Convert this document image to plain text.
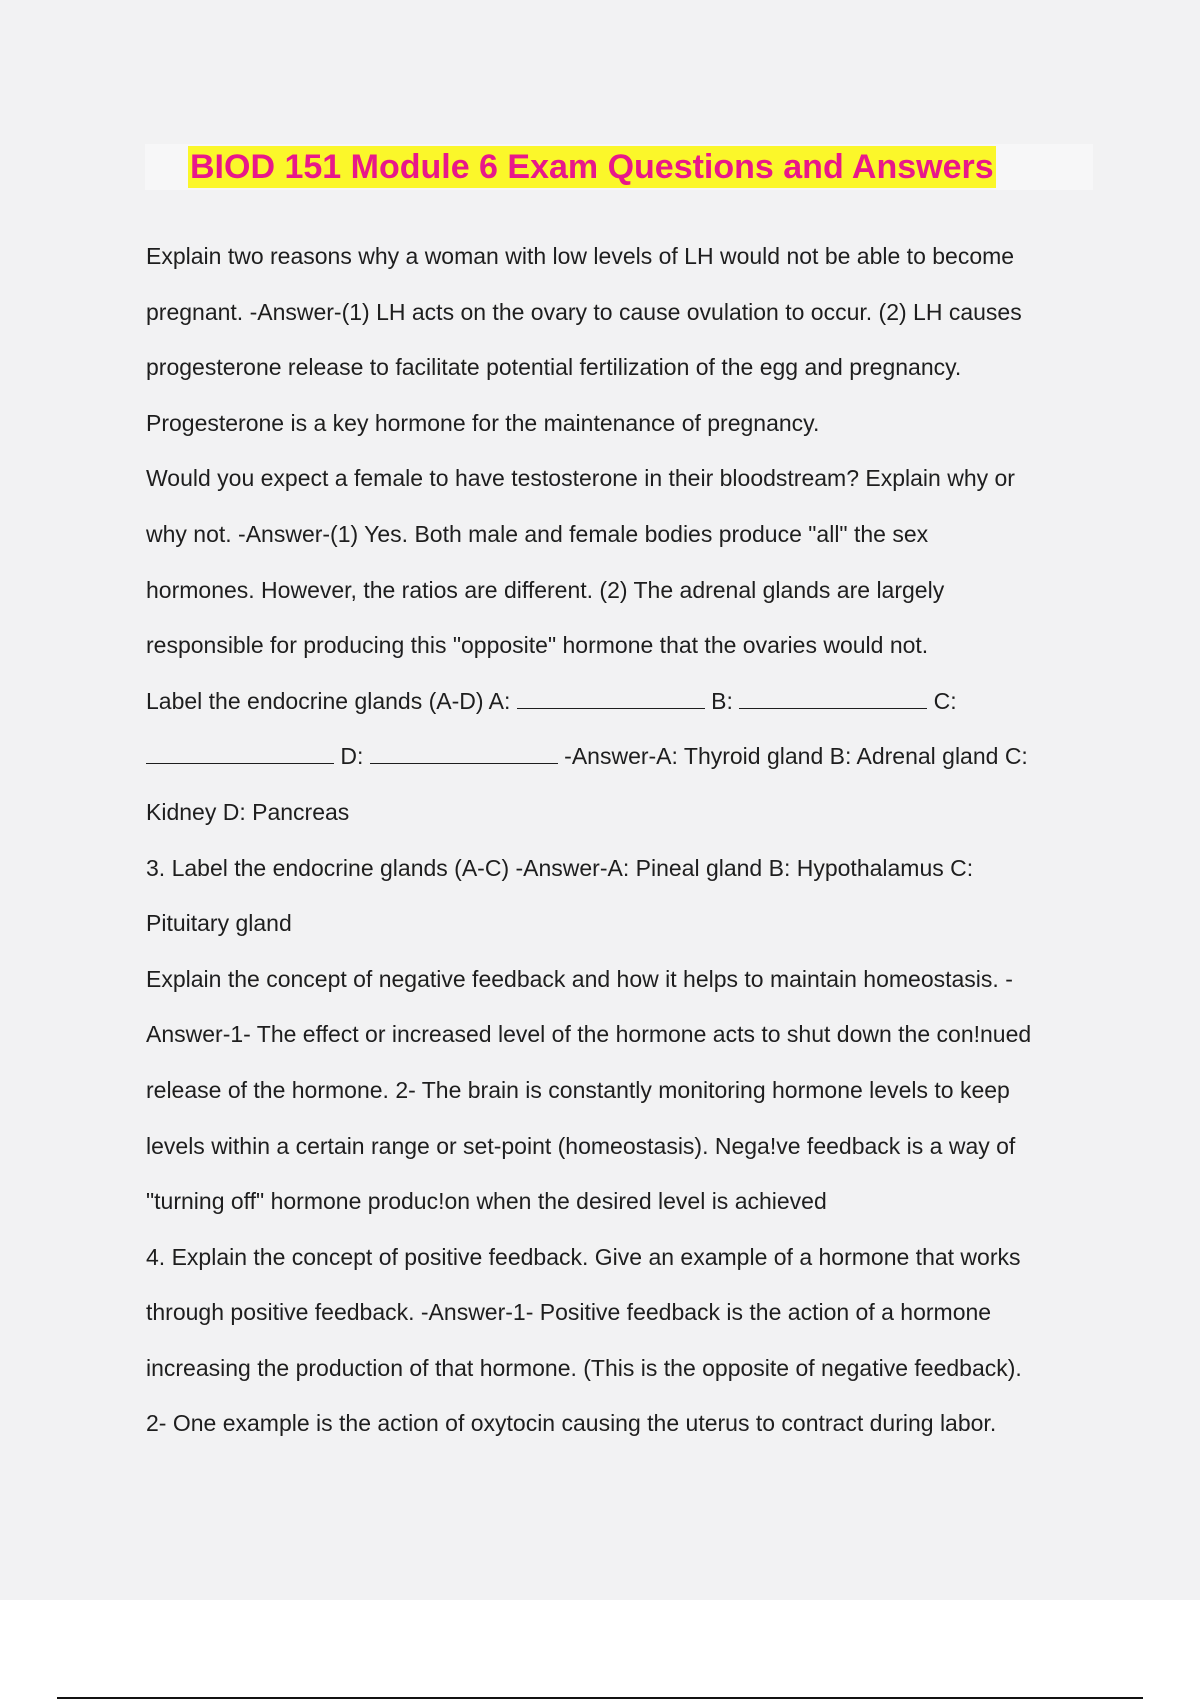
BIOD 151 Module 6 Exam Questions and Answers
Explain two reasons why a woman with low levels of LH would not be able to become
pregnant. -Answer-(1) LH acts on the ovary to cause ovulation to occur. (2) LH causes
progesterone release to facilitate potential fertilization of the egg and pregnancy.
Progesterone is a key hormone for the maintenance of pregnancy.
Would you expect a female to have testosterone in their bloodstream? Explain why or
why not. -Answer-(1) Yes. Both male and female bodies produce "all" the sex
hormones. However, the ratios are different. (2) The adrenal glands are largely
responsible for producing this "opposite" hormone that the ovaries would not.
Label the endocrine glands (A-D) A:	B:	C:
D:	-Answer-A: Thyroid gland B: Adrenal gland C:
Kidney D: Pancreas
3. Label the endocrine glands (A-C) -Answer-A: Pineal gland B: Hypothalamus C:
Pituitary gland
Explain the concept of negative feedback and how it helps to maintain homeostasis. -
Answer-1- The effect or increased level of the hormone acts to shut down the con!nued
release of the hormone. 2- The brain is constantly monitoring hormone levels to keep
levels within a certain range or set-point (homeostasis). Nega!ve feedback is a way of
"turning off" hormone produc!on when the desired level is achieved
4. Explain the concept of positive feedback. Give an example of a hormone that works
through positive feedback. -Answer-1- Positive feedback is the action of a hormone
increasing the production of that hormone. (This is the opposite of negative feedback).
2- One example is the action of oxytocin causing the uterus to contract during labor.
